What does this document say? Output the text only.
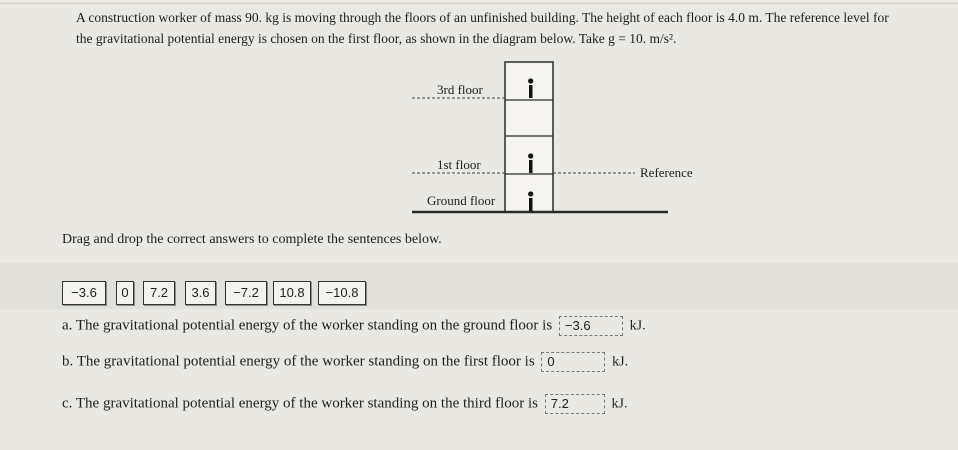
A construction worker of mass 90. kg is moving through the floors of an unfinished building. The height of each floor is 4.0 m. The reference level for
the gravitational potential energy is chosen on the first floor, as shown in the diagram below. Take g = 10. m/s².
3rd floor
1st floor
Ground floor
Reference
Drag and drop the correct answers to complete the sentences below.
−3.6	0	7.2	3.6	−7.2	10.8	−10.8
a. The gravitational potential energy of the worker standing on the ground floor is −3.6	kJ.
b. The gravitational potential energy of the worker standing on the first floor is 0	kJ.
c. The gravitational potential energy of the worker standing on the third floor is 7.2	kJ.
